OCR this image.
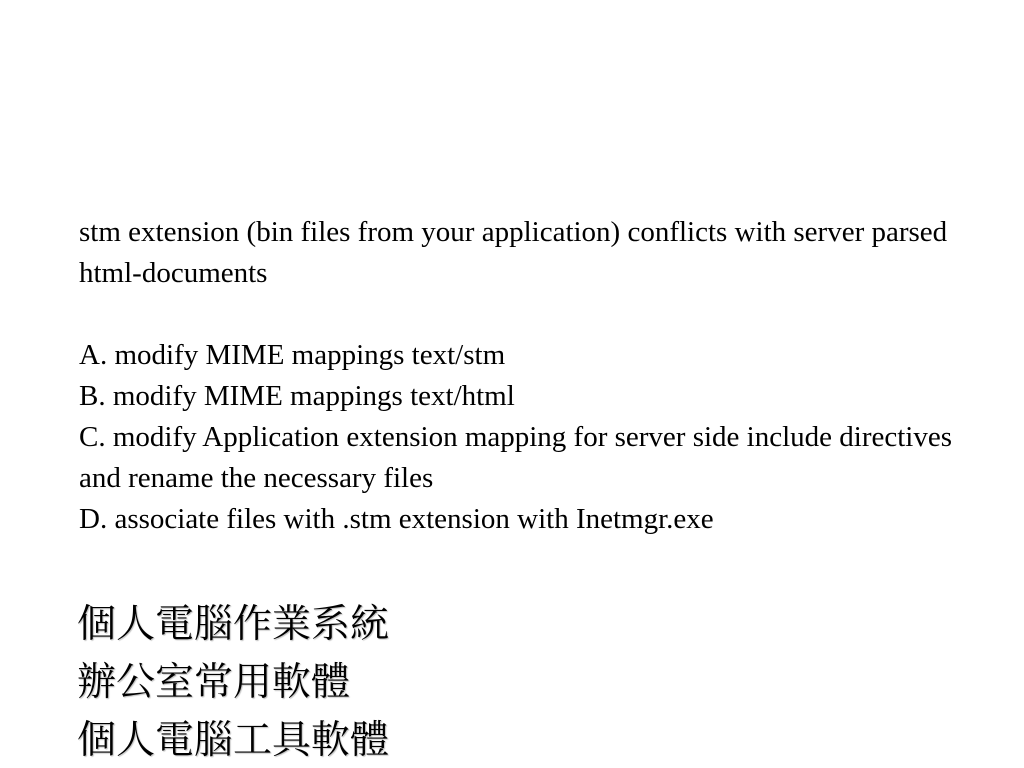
stm extension (bin files from your application) conflicts with server parsed html-documents

A. modify MIME mappings text/stm
B. modify MIME mappings text/html
C. modify Application extension mapping for server side include directives and rename the necessary files
D. associate files with .stm extension with Inetmgr.exe
個人電腦作業系統
辦公室常用軟體
個人電腦工具軟體
